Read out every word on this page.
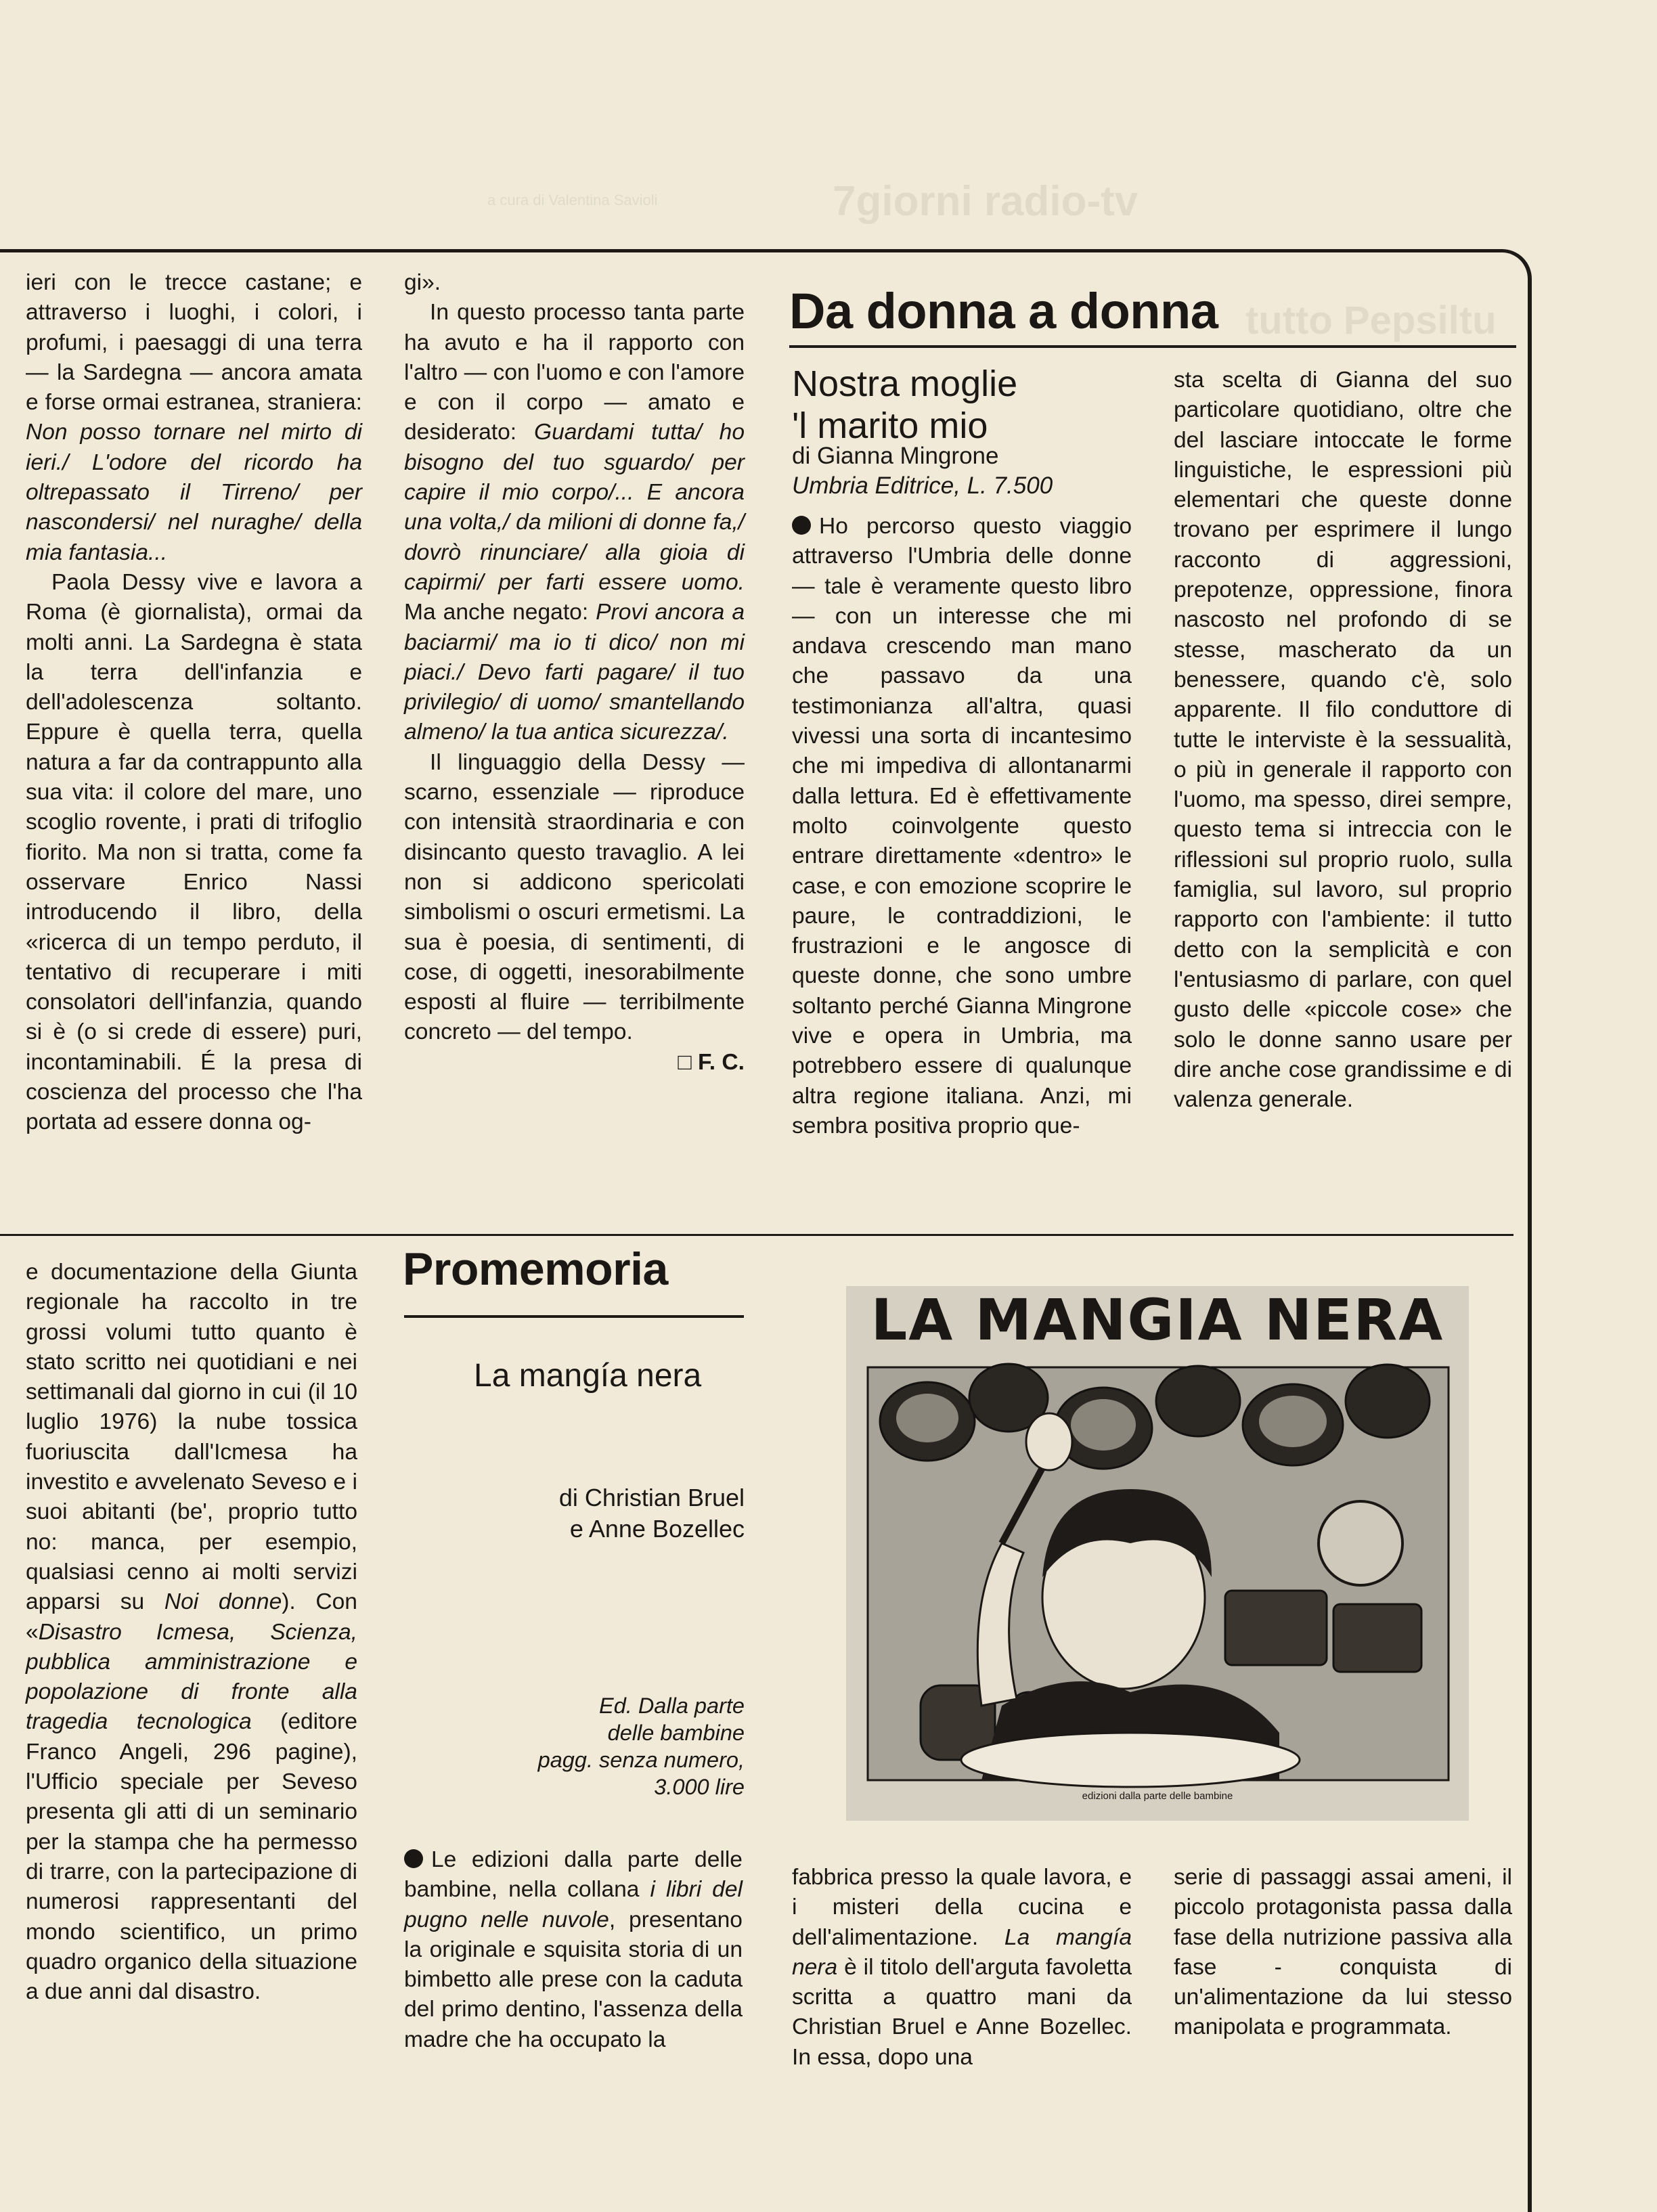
7giorni radio-tv
a cura di Valentina Savioli
tutto Pepsiltu

ieri con le trecce castane; e attraverso i luoghi, i colori, i profumi, i paesaggi di una terra — la Sardegna — ancora amata e forse ormai estranea, straniera: Non posso tornare nel mirto di ieri./ L'odore del ricordo ha oltrepassato il Tirreno/ per nascondersi/ nel nuraghe/ della mia fantasia...

Paola Dessy vive e lavora a Roma (è giornalista), ormai da molti anni. La Sardegna è stata la terra dell'infanzia e dell'adolescenza soltanto. Eppure è quella terra, quella natura a far da contrappunto alla sua vita: il colore del mare, uno scoglio rovente, i prati di trifoglio fiorito. Ma non si tratta, come fa osservare Enrico Nassi introducendo il libro, della «ricerca di un tempo perduto, il tentativo di recuperare i miti consolatori dell'infanzia, quando si è (o si crede di essere) puri, incontaminabili. É la presa di coscienza del processo che l'ha portata ad essere donna og-

gi».

In questo processo tanta parte ha avuto e ha il rapporto con l'altro — con l'uomo e con l'amore e con il corpo — amato e desiderato: Guardami tutta/ ho bisogno del tuo sguardo/ per capire il mio corpo/... E ancora una volta,/ da milioni di donne fa,/ dovrò rinunciare/ alla gioia di capirmi/ per farti essere uomo. Ma anche negato: Provi ancora a baciarmi/ ma io ti dico/ non mi piaci./ Devo farti pagare/ il tuo privilegio/ di uomo/ smantellando almeno/ la tua antica sicurezza/.

Il linguaggio della Dessy — scarno, essenziale — riproduce con intensità straordinaria e con disincanto questo travaglio. A lei non si addicono spericolati simbolismi o oscuri ermetismi. La sua è poesia, di sentimenti, di cose, di oggetti, inesorabilmente esposti al fluire — terribilmente concreto — del tempo.

□ F. C.

Da donna a donna
Nostra moglie
'l marito mio
di Gianna Mingrone
Umbria Editrice, L. 7.500

Ho percorso questo viaggio attraverso l'Umbria delle donne — tale è veramente questo libro — con un interesse che mi andava crescendo man mano che passavo da una testimonianza all'altra, quasi vivessi una sorta di incantesimo che mi impediva di allontanarmi dalla lettura. Ed è effettivamente molto coinvolgente questo entrare direttamente «dentro» le case, e con emozione scoprire le paure, le contraddizioni, le frustrazioni e le angosce di queste donne, che sono umbre soltanto perché Gianna Mingrone vive e opera in Umbria, ma potrebbero essere di qualunque altra regione italiana. Anzi, mi sembra positiva proprio que-

sta scelta di Gianna del suo particolare quotidiano, oltre che del lasciare intoccate le forme linguistiche, le espressioni più elementari che queste donne trovano per esprimere il lungo racconto di aggressioni, prepotenze, oppressione, finora nascosto nel profondo di se stesse, mascherato da un benessere, quando c'è, solo apparente. Il filo conduttore di tutte le interviste è la sessualità, o più in generale il rapporto con l'uomo, ma spesso, direi sempre, questo tema si intreccia con le riflessioni sul proprio ruolo, sulla famiglia, sul lavoro, sul proprio rapporto con l'ambiente: il tutto detto con la semplicità e con l'entusiasmo di parlare, con quel gusto delle «piccole cose» che solo le donne sanno usare per dire anche cose grandissime e di valenza generale.

e documentazione della Giunta regionale ha raccolto in tre grossi volumi tutto quanto è stato scritto nei quotidiani e nei settimanali dal giorno in cui (il 10 luglio 1976) la nube tossica fuoriuscita dall'Icmesa ha investito e avvelenato Seveso e i suoi abitanti (be', proprio tutto no: manca, per esempio, qualsiasi cenno ai molti servizi apparsi su Noi donne). Con «Disastro Icmesa, Scienza, pubblica amministrazione e popolazione di fronte alla tragedia tecnologica (editore Franco Angeli, 296 pagine), l'Ufficio speciale per Seveso presenta gli atti di un seminario per la stampa che ha permesso di trarre, con la partecipazione di numerosi rappresentanti del mondo scientifico, un primo quadro organico della situazione a due anni dal disastro.

Promemoria
La mangía nera
di Christian Bruel
e Anne Bozellec
Ed. Dalla parte
delle bambine
pagg. senza numero,
3.000 lire
LA MANGIA NERA
edizioni dalla parte delle bambine

Le edizioni dalla parte delle bambine, nella collana i libri del pugno nelle nuvole, presentano la originale e squisita storia di un bimbetto alle prese con la caduta del primo dentino, l'assenza della madre che ha occupato la

fabbrica presso la quale lavora, e i misteri della cucina e dell'alimentazione. La mangía nera è il titolo dell'arguta favoletta scritta a quattro mani da Christian Bruel e Anne Bozellec. In essa, dopo una

serie di passaggi assai ameni, il piccolo protagonista passa dalla fase della nutrizione passiva alla fase - conquista di un'alimentazione da lui stesso manipolata e programmata.
